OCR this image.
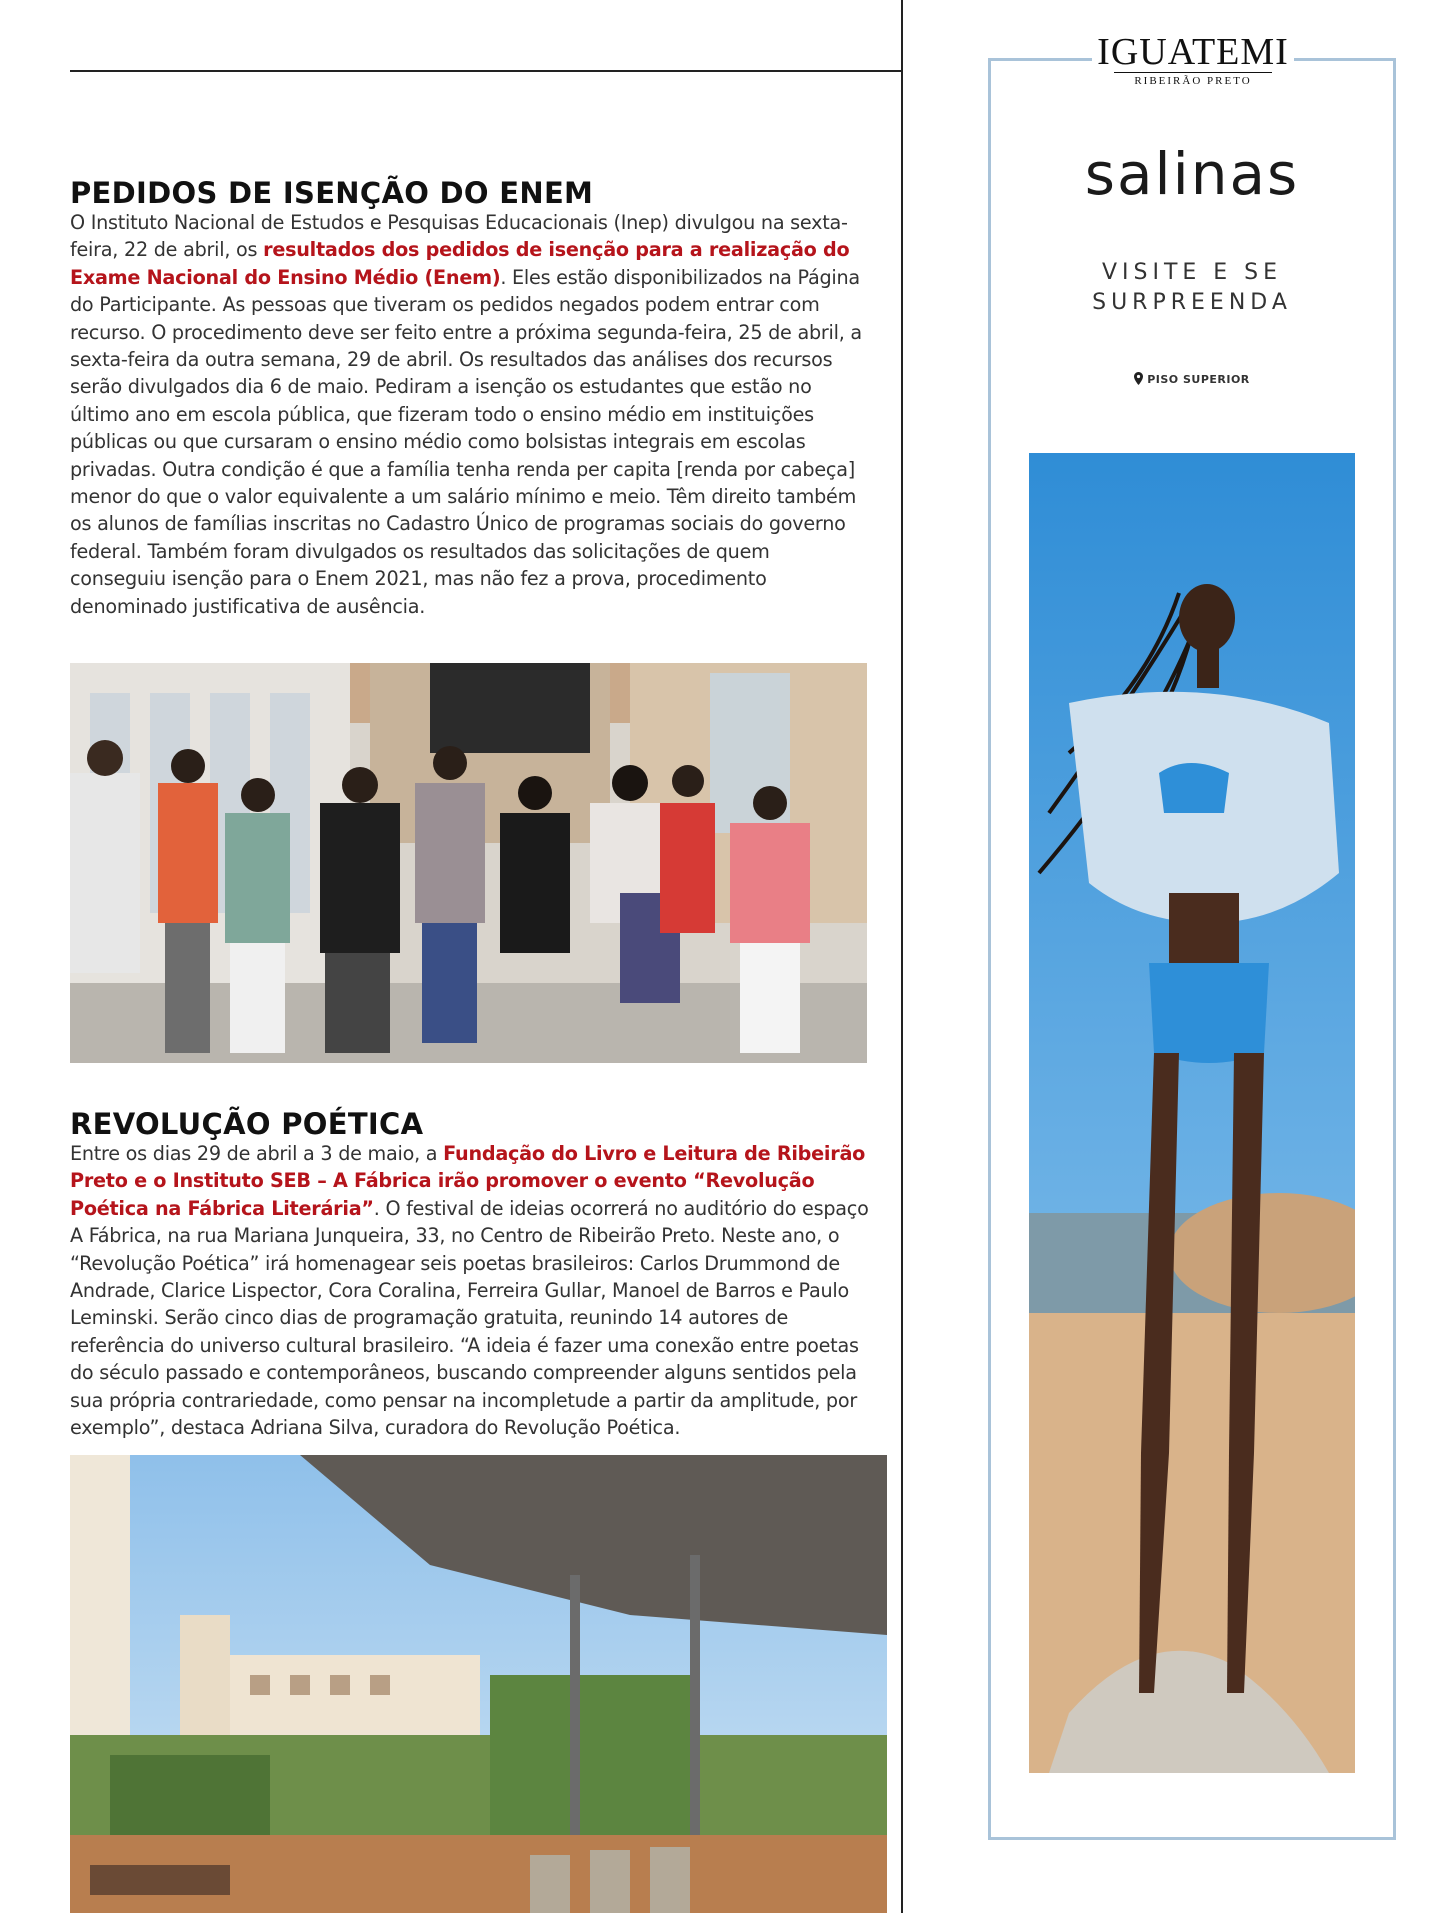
PEDIDOS DE ISENÇÃO DO ENEM

O Instituto Nacional de Estudos e Pesquisas Educacionais (Inep) divulgou na sexta-feira, 22 de abril, os resultados dos pedidos de isenção para a realização do Exame Nacional do Ensino Médio (Enem). Eles estão disponibilizados na Página do Participante. As pessoas que tiveram os pedidos negados podem entrar com recurso. O procedimento deve ser feito entre a próxima segunda-feira, 25 de abril, a sexta-feira da outra semana, 29 de abril. Os resultados das análises dos recursos serão divulgados dia 6 de maio. Pediram a isenção os estudantes que estão no último ano em escola pública, que fizeram todo o ensino médio em instituições públicas ou que cursaram o ensino médio como bolsistas integrais em escolas privadas. Outra condição é que a família tenha renda per capita [renda por cabeça] menor do que o valor equivalente a um salário mínimo e meio. Têm direito também os alunos de famílias inscritas no Cadastro Único de programas sociais do governo federal. Também foram divulgados os resultados das solicitações de quem conseguiu isenção para o Enem 2021, mas não fez a prova, procedimento denominado justificativa de ausência.

REVOLUÇÃO POÉTICA

Entre os dias 29 de abril a 3 de maio, a Fundação do Livro e Leitura de Ribeirão Preto e o Instituto SEB – A Fábrica irão promover o evento “Revolução Poética na Fábrica Literária”. O festival de ideias ocorrerá no auditório do espaço A Fábrica, na rua Mariana Junqueira, 33, no Centro de Ribeirão Preto. Neste ano, o “Revolução Poética” irá homenagear seis poetas brasileiros: Carlos Drummond de Andrade, Clarice Lispector, Cora Coralina, Ferreira Gullar, Manoel de Barros e Paulo Leminski. Serão cinco dias de programação gratuita, reunindo 14 autores de referência do universo cultural brasileiro. “A ideia é fazer uma conexão entre poetas do século passado e contemporâneos, buscando compreender alguns sentidos pela sua própria contrariedade, como pensar na incompletude a partir da amplitude, por exemplo”, destaca Adriana Silva, curadora do Revolução Poética.

IGUATEMI
RIBEIRÃO PRETO
salinas
VISITE E SE
SURPREENDA
PISO SUPERIOR
